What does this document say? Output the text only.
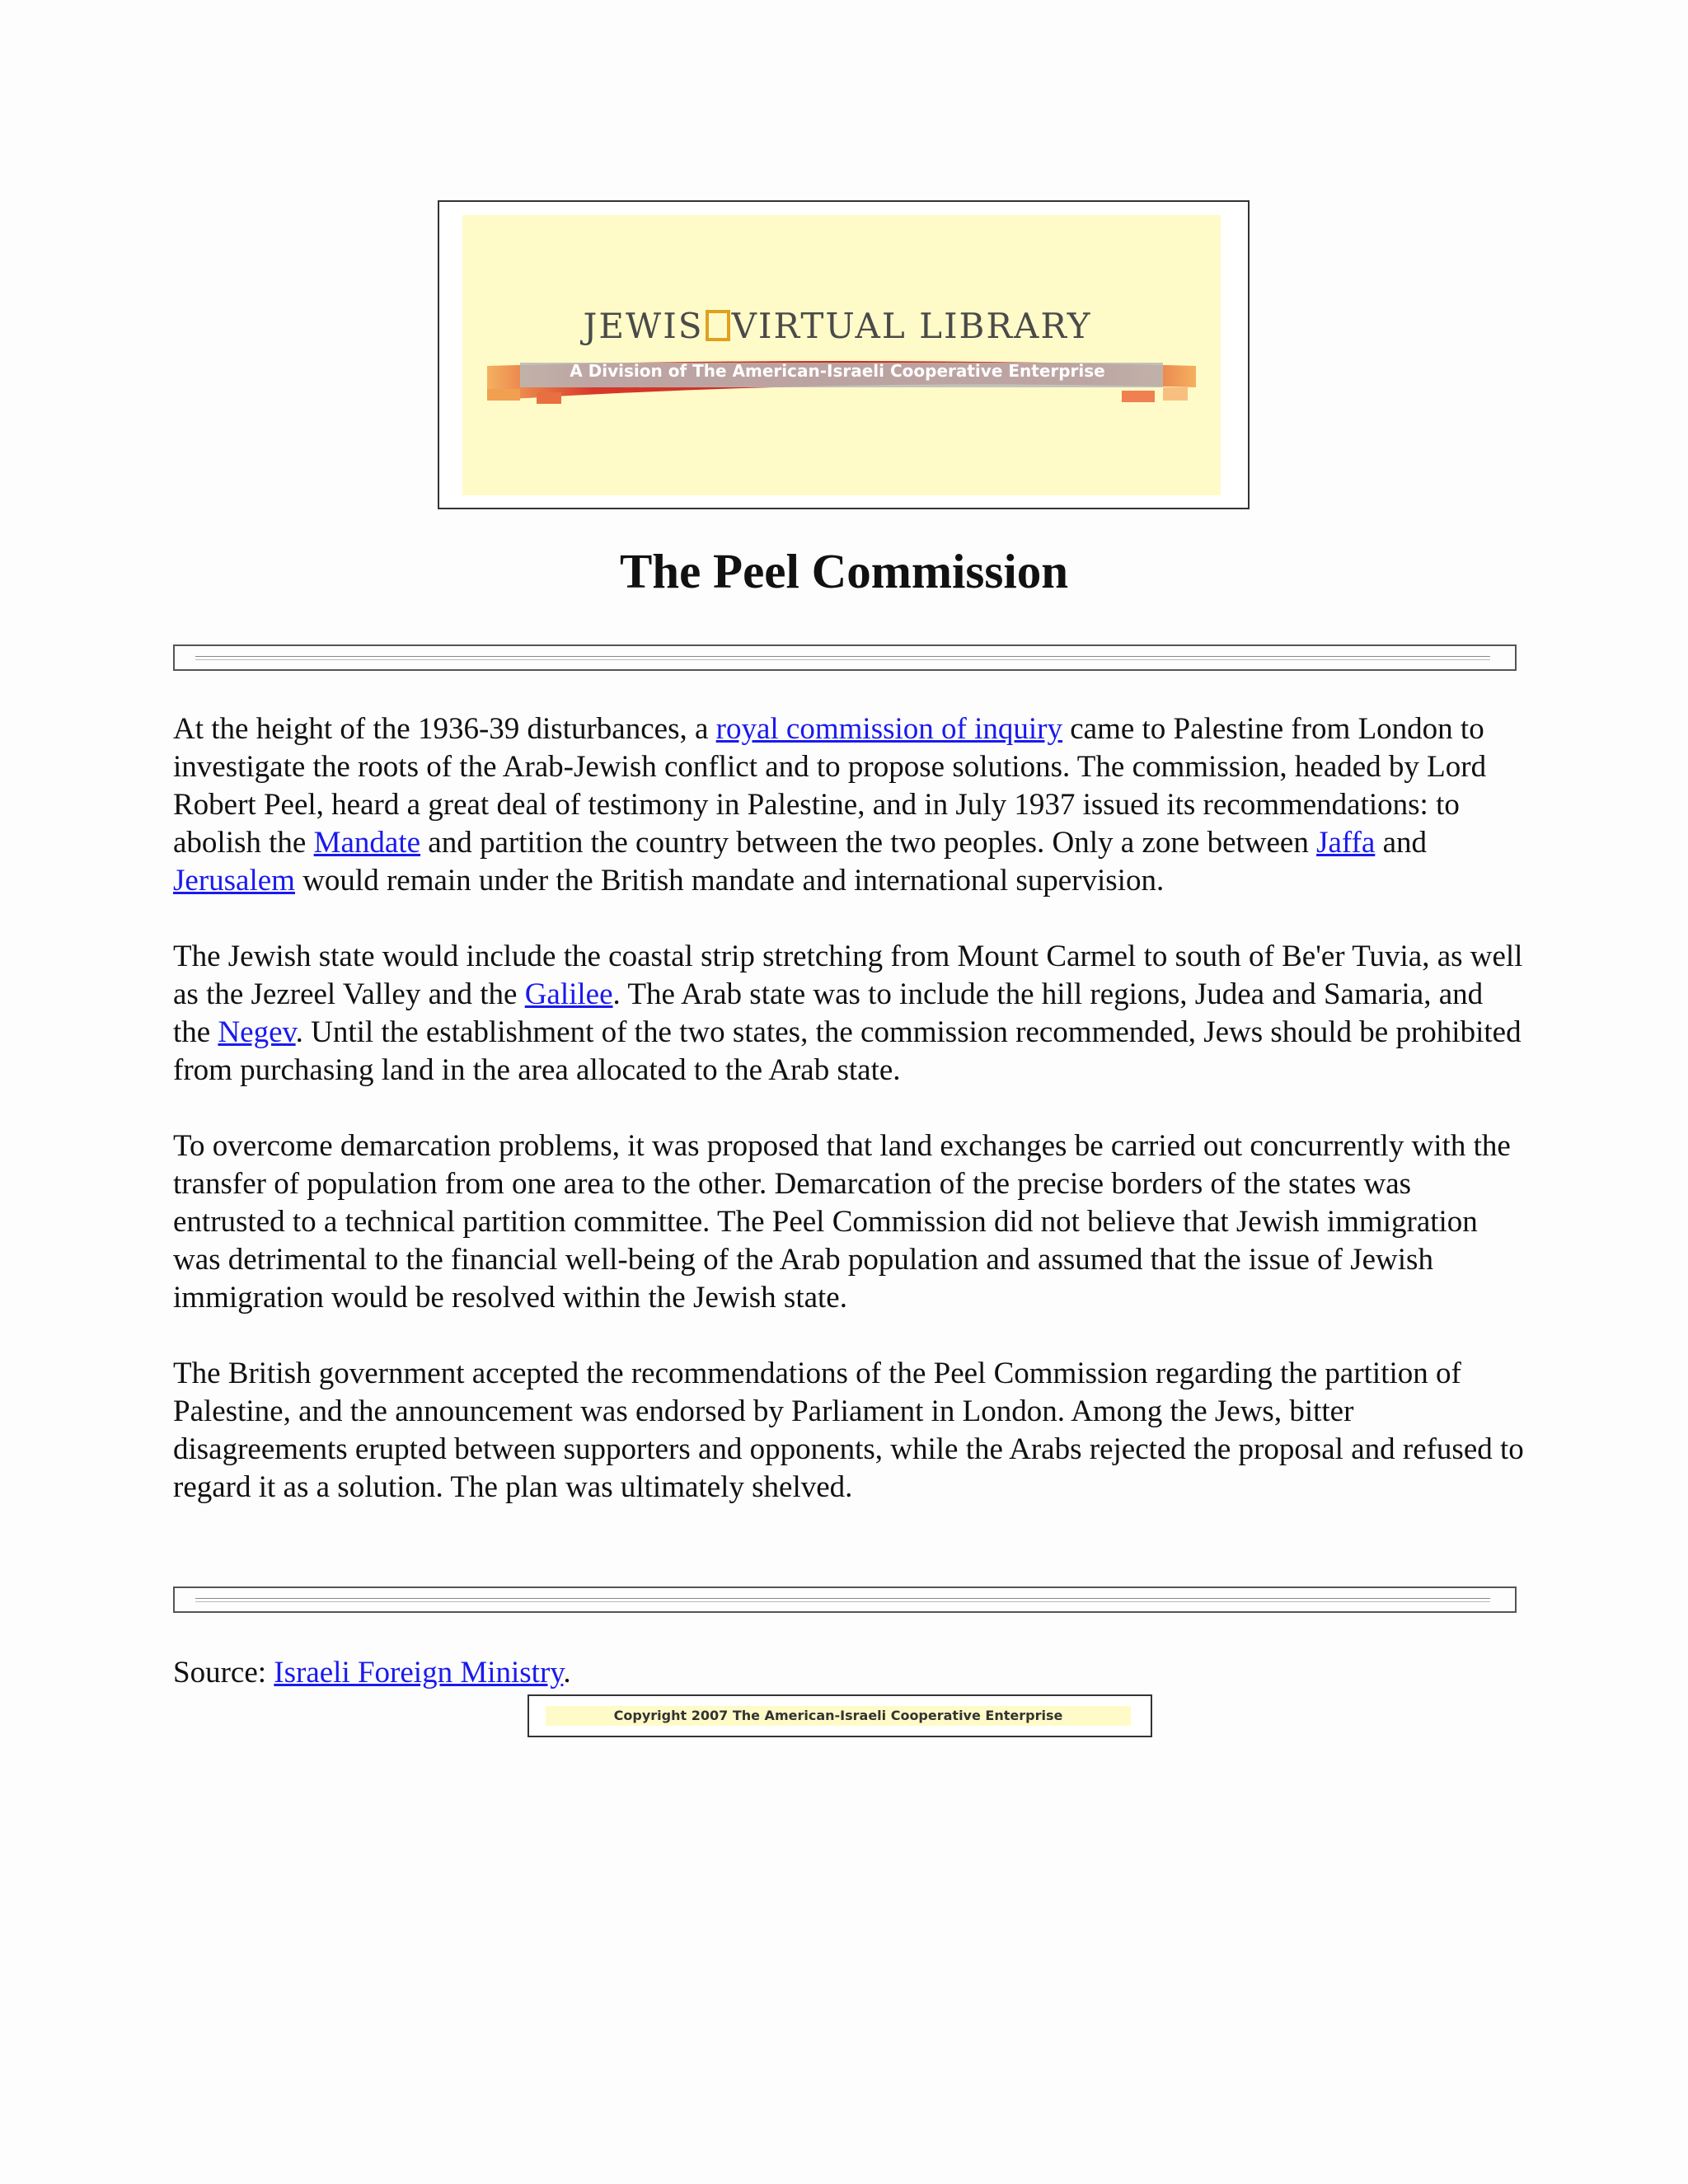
JEWIS VIRTUAL LIBRARY
A Division of The American-Israeli Cooperative Enterprise
The Peel Commission

At the height of the 1936-39 disturbances, a royal commission of inquiry came to Palestine from London to investigate the roots of the Arab-Jewish conflict and to propose solutions. The commission, headed by Lord Robert Peel, heard a great deal of testimony in Palestine, and in July 1937 issued its recommendations: to abolish the Mandate and partition the country between the two peoples. Only a zone between Jaffa and Jerusalem would remain under the British mandate and international supervision.

The Jewish state would include the coastal strip stretching from Mount Carmel to south of Be'er Tuvia, as well as the Jezreel Valley and the Galilee. The Arab state was to include the hill regions, Judea and Samaria, and the Negev. Until the establishment of the two states, the commission recommended, Jews should be prohibited from purchasing land in the area allocated to the Arab state.

To overcome demarcation problems, it was proposed that land exchanges be carried out concurrently with the transfer of population from one area to the other. Demarcation of the precise borders of the states was entrusted to a technical partition committee. The Peel Commission did not believe that Jewish immigration was detrimental to the financial well-being of the Arab population and assumed that the issue of Jewish immigration would be resolved within the Jewish state.

The British government accepted the recommendations of the Peel Commission regarding the partition of Palestine, and the announcement was endorsed by Parliament in London. Among the Jews, bitter disagreements erupted between supporters and opponents, while the Arabs rejected the proposal and refused to regard it as a solution. The plan was ultimately shelved.

Source: Israeli Foreign Ministry.
Copyright 2007 The American-Israeli Cooperative Enterprise
